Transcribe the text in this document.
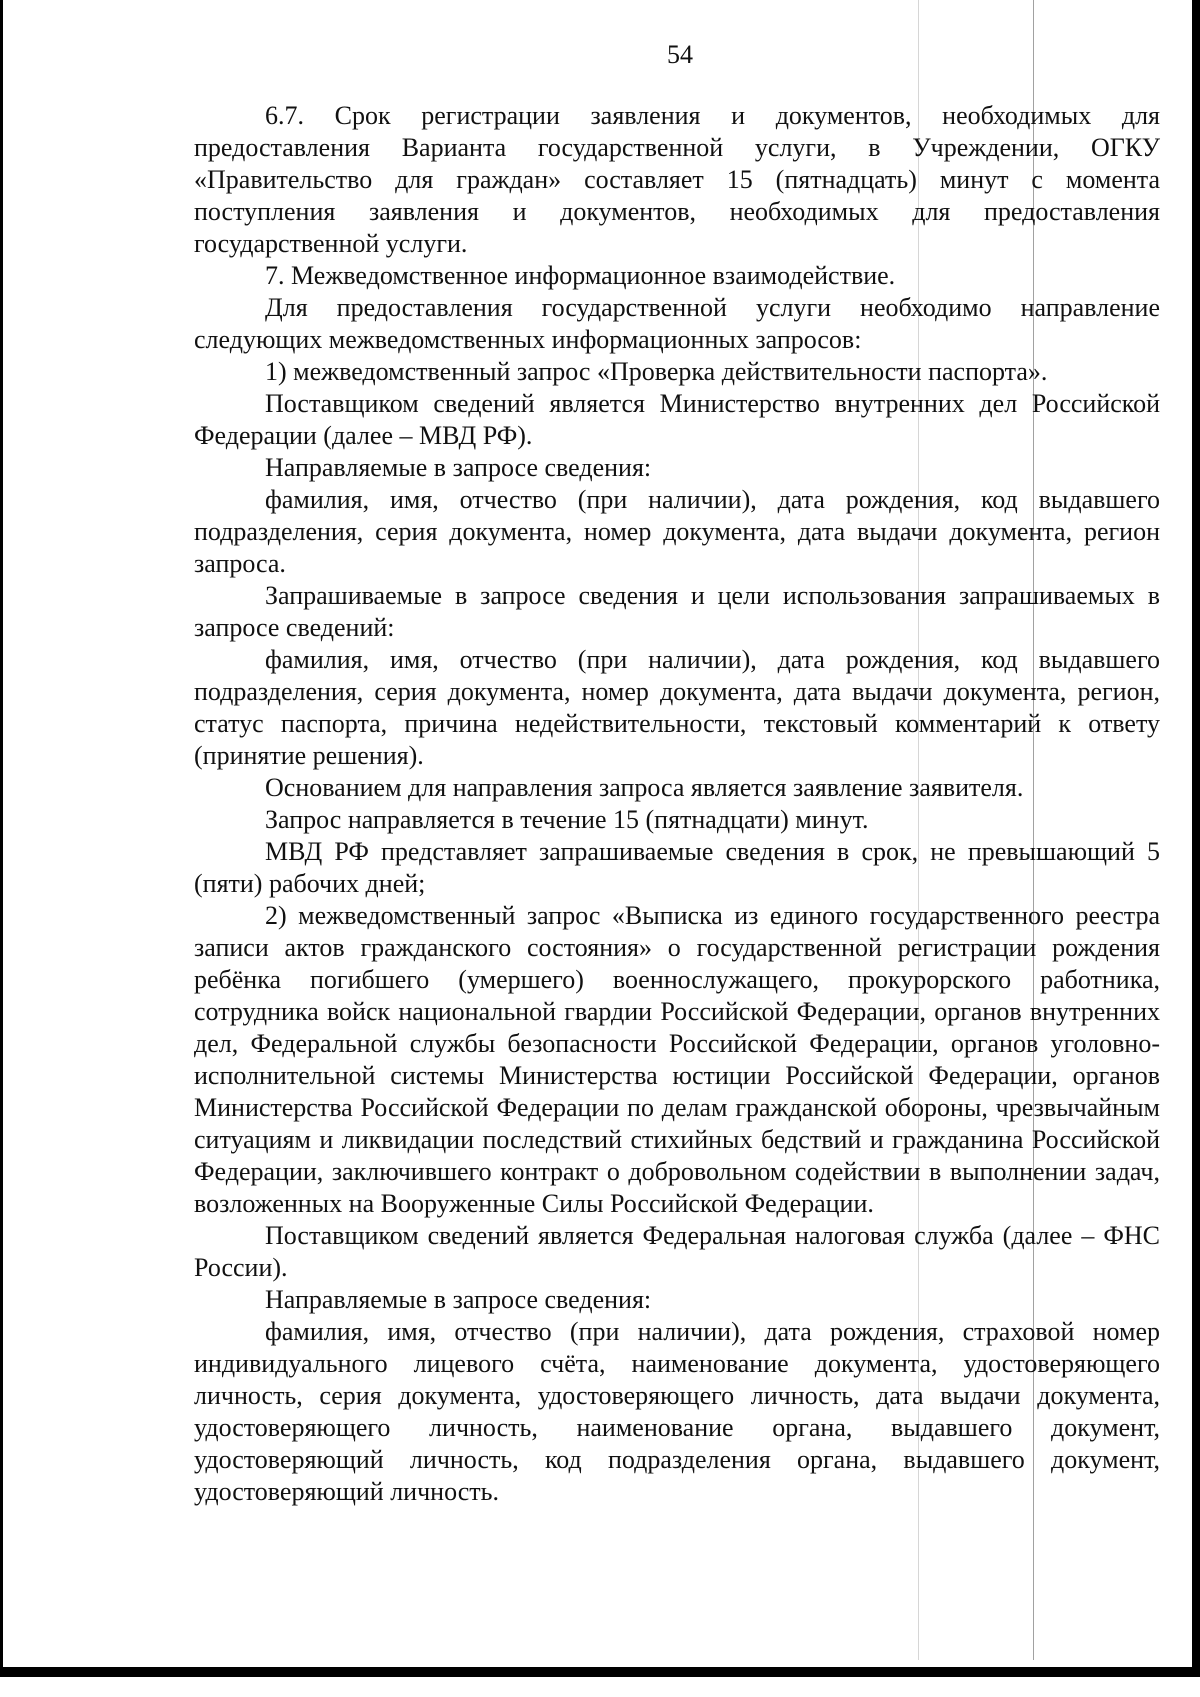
54

6.7. Срок регистрации заявления и документов, необходимых для предоставления Варианта государственной услуги, в Учреждении, ОГКУ «Правительство для граждан» составляет 15 (пятнадцать) минут с момента поступления заявления и документов, необходимых для предоставления государственной услуги.

7. Межведомственное информационное взаимодействие.

Для предоставления государственной услуги необходимо направление следующих межведомственных информационных запросов:

1) межведомственный запрос «Проверка действительности паспорта».

Поставщиком сведений является Министерство внутренних дел Российской Федерации (далее – МВД РФ).

Направляемые в запросе сведения:

фамилия, имя, отчество (при наличии), дата рождения, код выдавшего подразделения, серия документа, номер документа, дата выдачи документа, регион запроса.

Запрашиваемые в запросе сведения и цели использования запрашиваемых в запросе сведений:

фамилия, имя, отчество (при наличии), дата рождения, код выдавшего подразделения, серия документа, номер документа, дата выдачи документа, регион, статус паспорта, причина недействительности, текстовый комментарий к ответу (принятие решения).

Основанием для направления запроса является заявление заявителя.

Запрос направляется в течение 15 (пятнадцати) минут.

МВД РФ представляет запрашиваемые сведения в срок, не превышающий 5 (пяти) рабочих дней;

2) межведомственный запрос «Выписка из единого государственного реестра записи актов гражданского состояния» о государственной регистрации рождения ребёнка погибшего (умершего) военнослужащего, прокурорского работника, сотрудника войск национальной гвардии Российской Федерации, органов внутренних дел, Федеральной службы безопасности Российской Федерации, органов уголовно-исполнительной системы Министерства юстиции Российской Федерации, органов Министерства Российской Федерации по делам гражданской обороны, чрезвычайным ситуациям и ликвидации последствий стихийных бедствий и гражданина Российской Федерации, заключившего контракт о добровольном содействии в выполнении задач, возложенных на Вооруженные Силы Российской Федерации.

Поставщиком сведений является Федеральная налоговая служба (далее – ФНС России).

Направляемые в запросе сведения:

фамилия, имя, отчество (при наличии), дата рождения, страховой номер индивидуального лицевого счёта, наименование документа, удостоверяющего личность, серия документа, удостоверяющего личность, дата выдачи документа, удостоверяющего личность, наименование органа, выдавшего документ, удостоверяющий личность, код подразделения органа, выдавшего документ, удостоверяющий личность.
